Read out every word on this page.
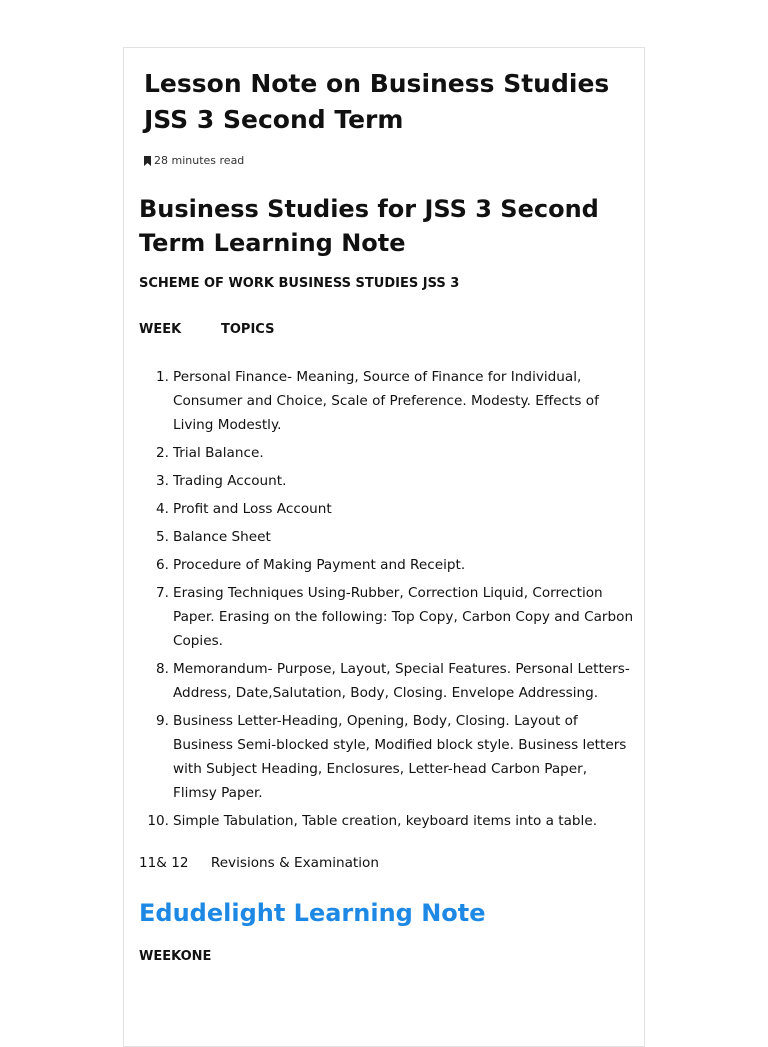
Lesson Note on Business Studies JSS 3 Second Term
28 minutes read
Business Studies for JSS 3 Second Term Learning Note
SCHEME OF WORK BUSINESS STUDIES JSS 3
WEEK	TOPICS
1. Personal Finance- Meaning, Source of Finance for Individual, Consumer and Choice, Scale of Preference. Modesty. Effects of Living Modestly.
2. Trial Balance.
3. Trading Account.
4. Profit and Loss Account
5. Balance Sheet
6. Procedure of Making Payment and Receipt.
7. Erasing Techniques Using-Rubber, Correction Liquid, Correction Paper. Erasing on the following: Top Copy, Carbon Copy and Carbon Copies.
8. Memorandum- Purpose, Layout, Special Features. Personal Letters- Address, Date,Salutation, Body, Closing. Envelope Addressing.
9. Business Letter-Heading, Opening, Body, Closing. Layout of Business Semi-blocked style, Modified block style. Business letters with Subject Heading, Enclosures, Letter-head Carbon Paper, Flimsy Paper.
10. Simple Tabulation, Table creation, keyboard items into a table.
11& 12 Revisions & Examination
Edudelight Learning Note
WEEKONE
